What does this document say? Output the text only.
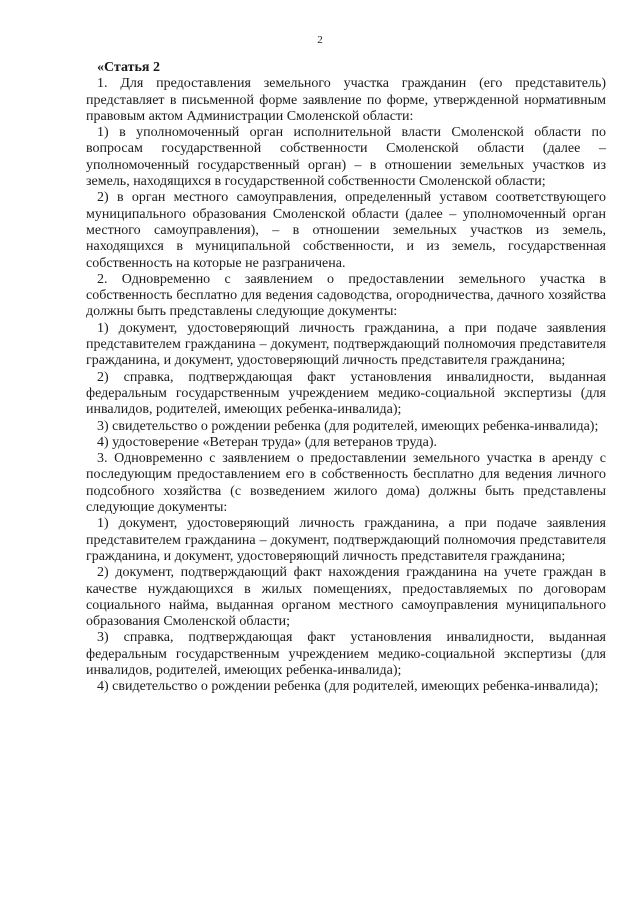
2

«Статья 2

1. Для предоставления земельного участка гражданин (его представитель) представляет в письменной форме заявление по форме, утвержденной нормативным правовым актом Администрации Смоленской области:

1) в уполномоченный орган исполнительной власти Смоленской области по вопросам государственной собственности Смоленской области (далее – уполномоченный государственный орган) – в отношении земельных участков из земель, находящихся в государственной собственности Смоленской области;

2) в орган местного самоуправления, определенный уставом соответствующего муниципального образования Смоленской области (далее – уполномоченный орган местного самоуправления), – в отношении земельных участков из земель, находящихся в муниципальной собственности, и из земель, государственная собственность на которые не разграничена.

2. Одновременно с заявлением о предоставлении земельного участка в собственность бесплатно для ведения садоводства, огородничества, дачного хозяйства должны быть представлены следующие документы:

1) документ, удостоверяющий личность гражданина, а при подаче заявления представителем гражданина – документ, подтверждающий полномочия представителя гражданина, и документ, удостоверяющий личность представителя гражданина;

2) справка, подтверждающая факт установления инвалидности, выданная федеральным государственным учреждением медико-социальной экспертизы (для инвалидов, родителей, имеющих ребенка-инвалида);

3) свидетельство о рождении ребенка (для родителей, имеющих ребенка-инвалида);

4) удостоверение «Ветеран труда» (для ветеранов труда).

3. Одновременно с заявлением о предоставлении земельного участка в аренду с последующим предоставлением его в собственность бесплатно для ведения личного подсобного хозяйства (с возведением жилого дома) должны быть представлены следующие документы:

1) документ, удостоверяющий личность гражданина, а при подаче заявления представителем гражданина – документ, подтверждающий полномочия представителя гражданина, и документ, удостоверяющий личность представителя гражданина;

2) документ, подтверждающий факт нахождения гражданина на учете граждан в качестве нуждающихся в жилых помещениях, предоставляемых по договорам социального найма, выданная органом местного самоуправления муниципального образования Смоленской области;

3) справка, подтверждающая факт установления инвалидности, выданная федеральным государственным учреждением медико-социальной экспертизы (для инвалидов, родителей, имеющих ребенка-инвалида);

4) свидетельство о рождении ребенка (для родителей, имеющих ребенка-инвалида);
